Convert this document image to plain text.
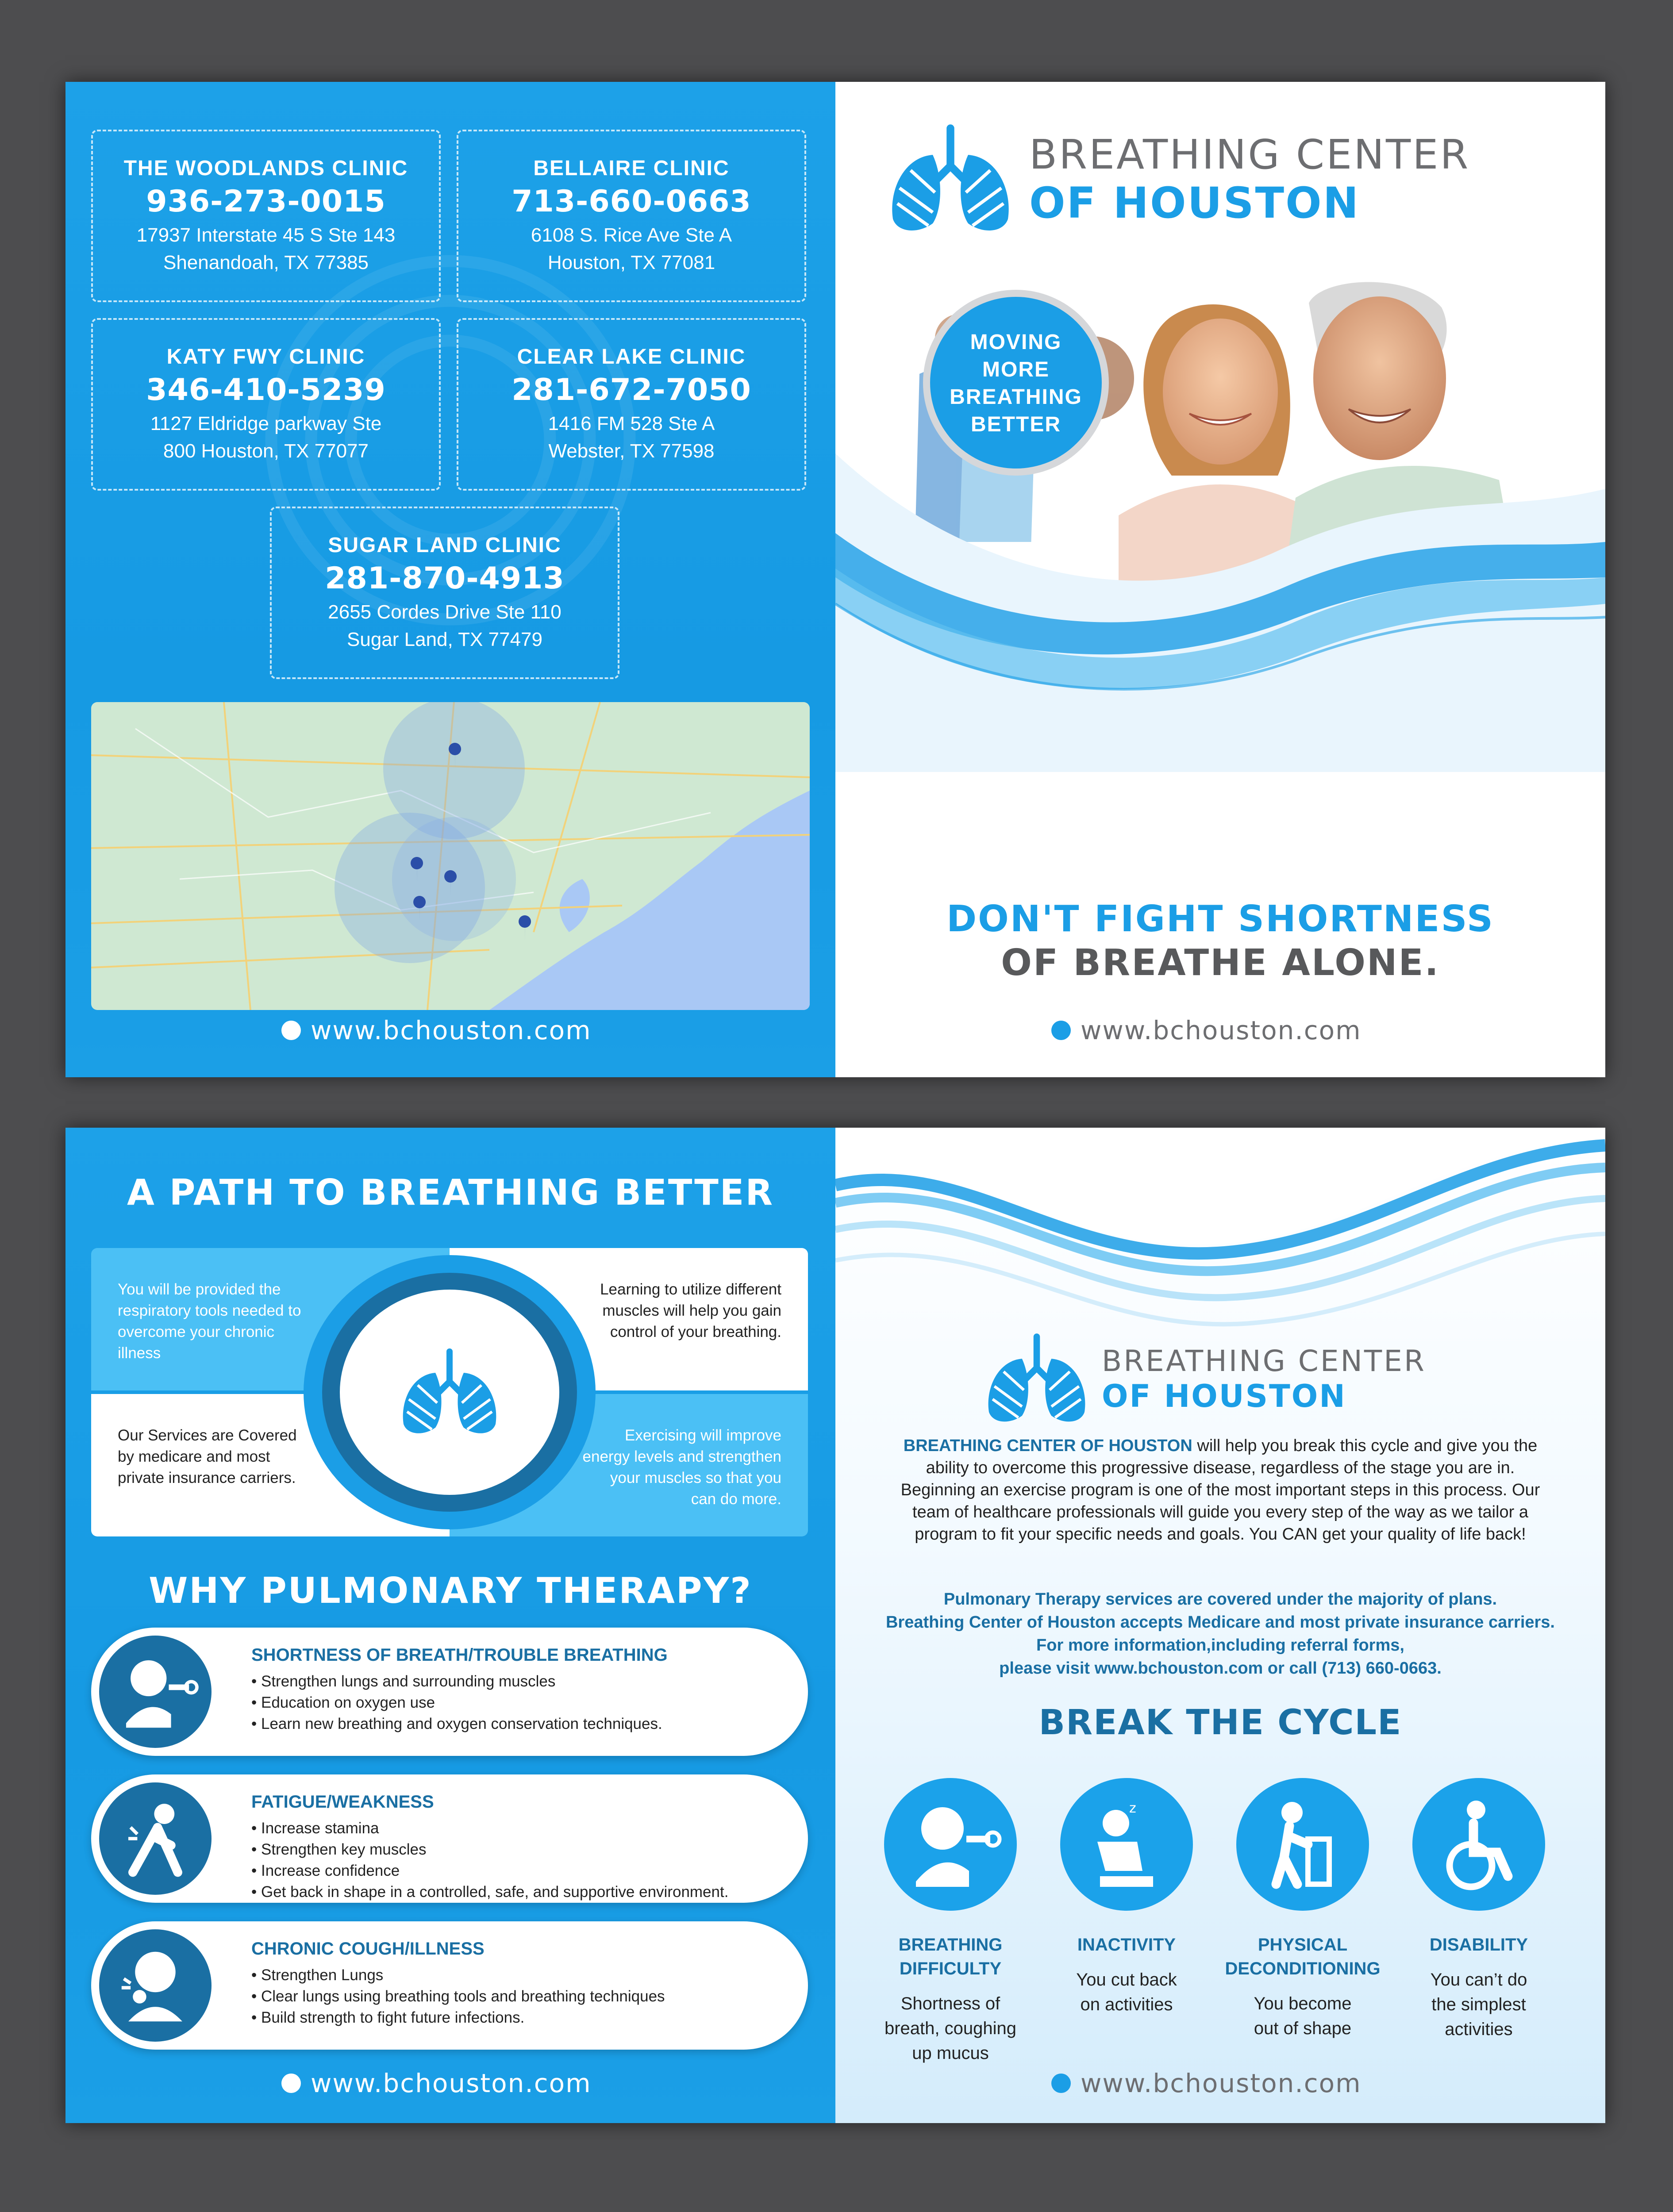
THE WOODLANDS CLINIC
936-273-0015
17937 Interstate 45 S Ste 143
Shenandoah, TX 77385
BELLAIRE CLINIC
713-660-0663
6108 S. Rice Ave Ste A
Houston, TX 77081
KATY FWY CLINIC
346-410-5239
1127 Eldridge parkway Ste
800 Houston, TX 77077
CLEAR LAKE CLINIC
281-672-7050
1416 FM 528 Ste A
Webster, TX 77598
SUGAR LAND CLINIC
281-870-4913
2655 Cordes Drive Ste 110
Sugar Land, TX 77479
www.bchouston.com
BREATHING CENTER
OF HOUSTON
MOVING
MORE
BREATHING
BETTER
DON'T FIGHT SHORTNESS
OF BREATHE ALONE.
www.bchouston.com
A PATH TO BREATHING BETTER
You will be provided the respiratory tools needed to overcome your chronic illness
Learning to utilize different muscles will help you gain control of your breathing.
Our Services are Covered by medicare and most private insurance carriers.
Exercising will improve energy levels and strengthen your muscles so that you can do more.
WHY PULMONARY THERAPY?
SHORTNESS OF BREATH/TROUBLE BREATHING
• Strengthen lungs and surrounding muscles
• Education on oxygen use
• Learn new breathing and oxygen conservation techniques.
FATIGUE/WEAKNESS
• Increase stamina
• Strengthen key muscles
• Increase confidence
• Get back in shape in a controlled, safe, and supportive environment.
CHRONIC COUGH/ILLNESS
• Strengthen Lungs
• Clear lungs using breathing tools and breathing techniques
• Build strength to fight future infections.
www.bchouston.com
BREATHING CENTER
OF HOUSTON
BREATHING CENTER OF HOUSTON will help you break this cycle and give you the ability to overcome this progressive disease, regardless of the stage you are in. Beginning an exercise program is one of the most important steps in this process. Our team of healthcare professionals will guide you every step of the way as we tailor a program to fit your specific needs and goals. You CAN get your quality of life back!
Pulmonary Therapy services are covered under the majority of plans.
Breathing Center of Houston accepts Medicare and most private insurance carriers.
For more information,including referral forms,
please visit www.bchouston.com or call (713) 660-0663.
BREAK THE CYCLE
BREATHING
DIFFICULTY
Shortness of
breath, coughing
up mucus
z
INACTIVITY
You cut back
on activities
PHYSICAL
DECONDITIONING
You become
out of shape
DISABILITY
You can’t do
the simplest
activities
www.bchouston.com
